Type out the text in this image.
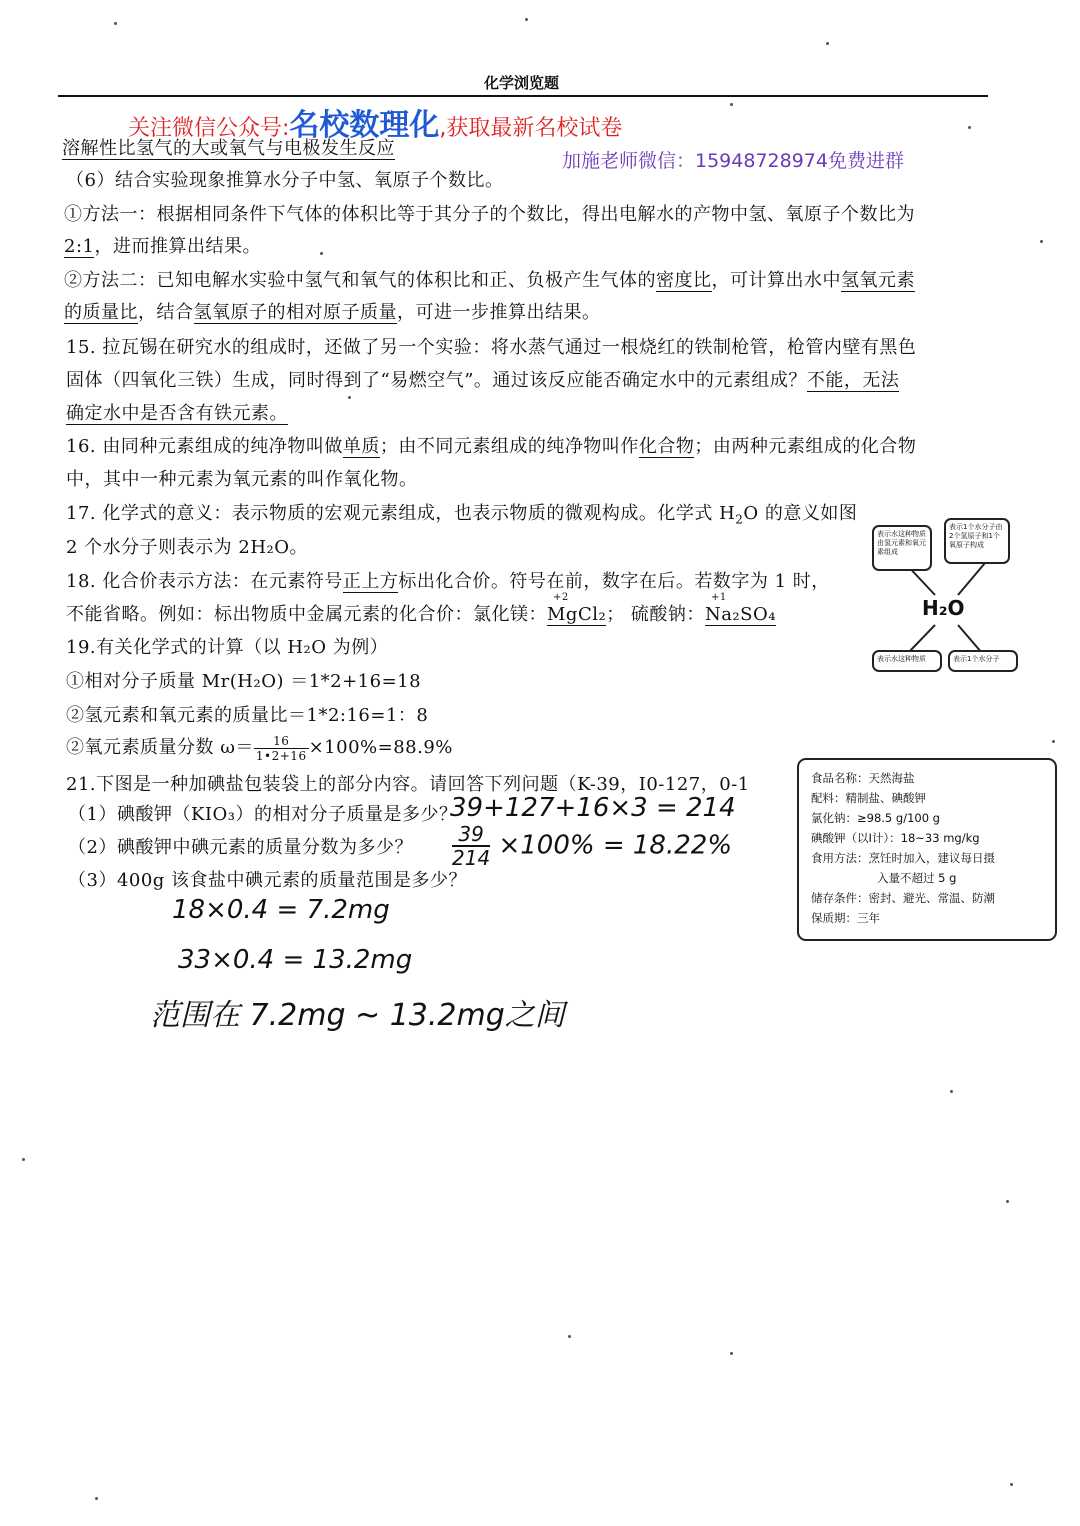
化学浏览题
关注微信公众号:名校数理化,获取最新名校试卷
加施老师微信：15948728974免费进群
溶解性比氢气的大或氧气与电极发生反应
（6）结合实验现象推算水分子中氢、氧原子个数比。
①方法一：根据相同条件下气体的体积比等于其分子的个数比，得出电解水的产物中氢、氧原子个数比为
2:1，进而推算出结果。
②方法二：已知电解水实验中氢气和氧气的体积比和正、负极产生气体的密度比，可计算出水中氢氧元素
的质量比，结合氢氧原子的相对原子质量，可进一步推算出结果。
15. 拉瓦锡在研究水的组成时，还做了另一个实验：将水蒸气通过一根烧红的铁制枪管，枪管内壁有黑色
固体（四氧化三铁）生成，同时得到了“易燃空气”。通过该反应能否确定水中的元素组成？不能，无法
确定水中是否含有铁元素。
16. 由同种元素组成的纯净物叫做单质；由不同元素组成的纯净物叫作化合物；由两种元素组成的化合物
中，其中一种元素为氧元素的叫作氧化物。
17. 化学式的意义：表示物质的宏观元素组成，也表示物质的微观构成。化学式 $H_2O$ 的意义如图
2 个水分子则表示为 2H₂O。
18. 化合价表示方法：在元素符号正上方标出化合价。符号在前，数字在后。若数字为 1 时，
不能省略。例如：标出物质中金属元素的化合价：氯化镁：
+2
MgCl₂； 硫酸钠：
+1
Na₂SO₄
19.有关化学式的计算（以 H₂O 为例）
①相对分子质量 Mr(H₂O) ＝1*2+16=18
②氢元素和氧元素的质量比＝1*2:16=1：8
②氧元素质量分数 $\omega= \frac{16}{1•2+16} \times 100\%=88.9\%$
21.下图是一种加碘盐包装袋上的部分内容。请回答下列问题（K-39，I0-127，0-1
（1）碘酸钾（KIO₃）的相对分子质量是多少？
（2）碘酸钾中碘元素的质量分数为多少？
（3）400g 该食盐中碘元素的质量范围是多少？
39+127+16×3 = 214
$\frac{39}{214} \times 100\% = 18.22\%$
18×0.4 = 7.2mg
33×0.4 = 13.2mg
范围在 7.2mg ~ 13.2mg之间
表示水这种物质由氢元素和氧元素组成
表示1个水分子由2个氢原子和1个氧原子构成
H₂O
表示水这种物质	表示1个水分子
食品名称：天然海盐
配料：精制盐、碘酸钾
氯化钠：≥98.5 g/100 g
碘酸钾（以I计）：18~33 mg/kg
食用方法：烹饪时加入，建议每日摄
入量不超过 5 g
储存条件：密封、避光、常温、防潮
保质期：三年
